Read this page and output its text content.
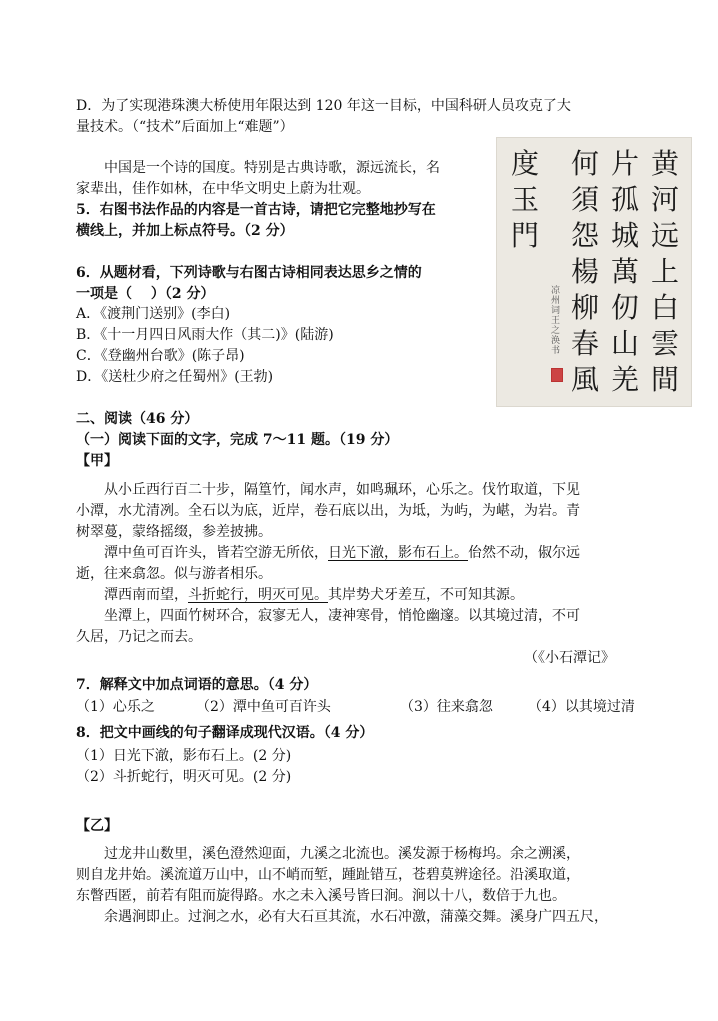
D．为了实现港珠澳大桥使用年限达到 120 年这一目标，中国科研人员攻克了大
量技术。（“技术”后面加上“难题”）
中国是一个诗的国度。特别是古典诗歌，源远流长，名
家辈出，佳作如林，在中华文明史上蔚为壮观。
5．右图书法作品的内容是一首古诗，请把它完整地抄写在
横线上，并加上标点符号。（2 分）
6．从题材看，下列诗歌与右图古诗相同表达思乡之情的
一项是（　 ）（2 分）
A．《渡荆门送别》(李白)
B．《十一月四日风雨大作（其二)》(陆游)
C．《登幽州台歌》(陈子昂)
D．《送杜少府之任蜀州》(王勃)
黄
河
远
上
白
雲
間
片
孤
城
萬
仞
山
羌
何
須
怨
楊
柳
春
風
度
玉
門
凉州词 王之涣 书
二、阅读（46 分）
（一）阅读下面的文字，完成 7～11 题。（19 分）
【甲】
从小丘西行百二十步，隔篁竹，闻水声，如鸣珮环，心乐之。伐竹取道，下见
小潭，水尤清冽。全石以为底，近岸，卷石底以出，为坻，为屿，为嵁，为岩。青
树翠蔓，蒙络摇缀，参差披拂。
潭中鱼可百许头，皆若空游无所依，日光下澈，影布石上。佁然不动，俶尔远
逝，往来翕忽。似与游者相乐。
潭西南而望，斗折蛇行，明灭可见。其岸势犬牙差互，不可知其源。
坐潭上，四面竹树环合，寂寥无人，凄神寒骨，悄怆幽邃。以其境过清，不可
久居，乃记之而去。
（《小石潭记》
7．解释文中加点词语的意思。（4 分）
（1）心乐之	（2）潭中鱼可百许头	（3）往来翕忽	（4）以其境过清
8．把文中画线的句子翻译成现代汉语。（4 分）
（1）日光下澈，影布石上。(2 分)
（2）斗折蛇行，明灭可见。(2 分)
【乙】
过龙井山数里，溪色澄然迎面，九溪之北流也。溪发源于杨梅坞。余之溯溪，
则自龙井始。溪流道万山中，山不峭而堑，踵趾错互，苍碧莫辨途径。沿溪取道，
东瞥西匿，前若有阻而旋得路。水之未入溪号皆曰涧。涧以十八，数倍于九也。
余遇涧即止。过涧之水，必有大石亘其流，水石冲激，蒲藻交舞。溪身广四五尺，
